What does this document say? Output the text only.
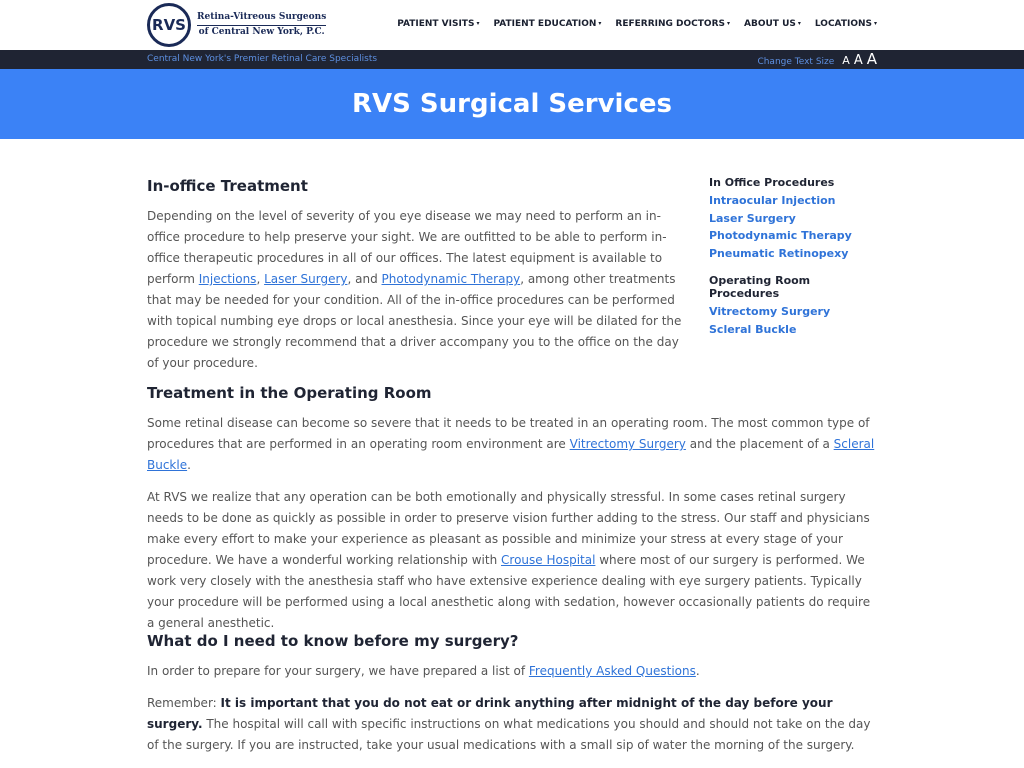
RVS	Retina-Vitreous Surgeons
of Central New York, P.C.
PATIENT VISITS ▾ PATIENT EDUCATION ▾ REFERRING DOCTORS ▾ ABOUT US ▾ LOCATIONS ▾
Central New York's Premier Retinal Care Specialists	Change Text Size A A A
RVS Surgical Services
In-office Treatment

Depending on the level of severity of you eye disease we may need to perform an in-office procedure to help preserve your sight. We are outfitted to be able to perform in-office therapeutic procedures in all of our offices. The latest equipment is available to perform Injections, Laser Surgery, and Photodynamic Therapy, among other treatments that may be needed for your condition. All of the in-office procedures can be performed with topical numbing eye drops or local anesthesia. Since your eye will be dilated for the procedure we strongly recommend that a driver accompany you to the office on the day of your procedure.

In Office Procedures
Intraocular Injection
Laser Surgery
Photodynamic Therapy
Pneumatic Retinopexy
Operating Room Procedures
Vitrectomy Surgery
Scleral Buckle
Treatment in the Operating Room

Some retinal disease can become so severe that it needs to be treated in an operating room. The most common type of procedures that are performed in an operating room environment are Vitrectomy Surgery and the placement of a Scleral Buckle.

At RVS we realize that any operation can be both emotionally and physically stressful. In some cases retinal surgery needs to be done as quickly as possible in order to preserve vision further adding to the stress. Our staff and physicians make every effort to make your experience as pleasant as possible and minimize your stress at every stage of your procedure. We have a wonderful working relationship with Crouse Hospital where most of our surgery is performed. We work very closely with the anesthesia staff who have extensive experience dealing with eye surgery patients. Typically your procedure will be performed using a local anesthetic along with sedation, however occasionally patients do require a general anesthetic.

What do I need to know before my surgery?

In order to prepare for your surgery, we have prepared a list of Frequently Asked Questions.

Remember: It is important that you do not eat or drink anything after midnight of the day before your surgery. The hospital will call with specific instructions on what medications you should and should not take on the day of the surgery. If you are instructed, take your usual medications with a small sip of water the morning of the surgery.
